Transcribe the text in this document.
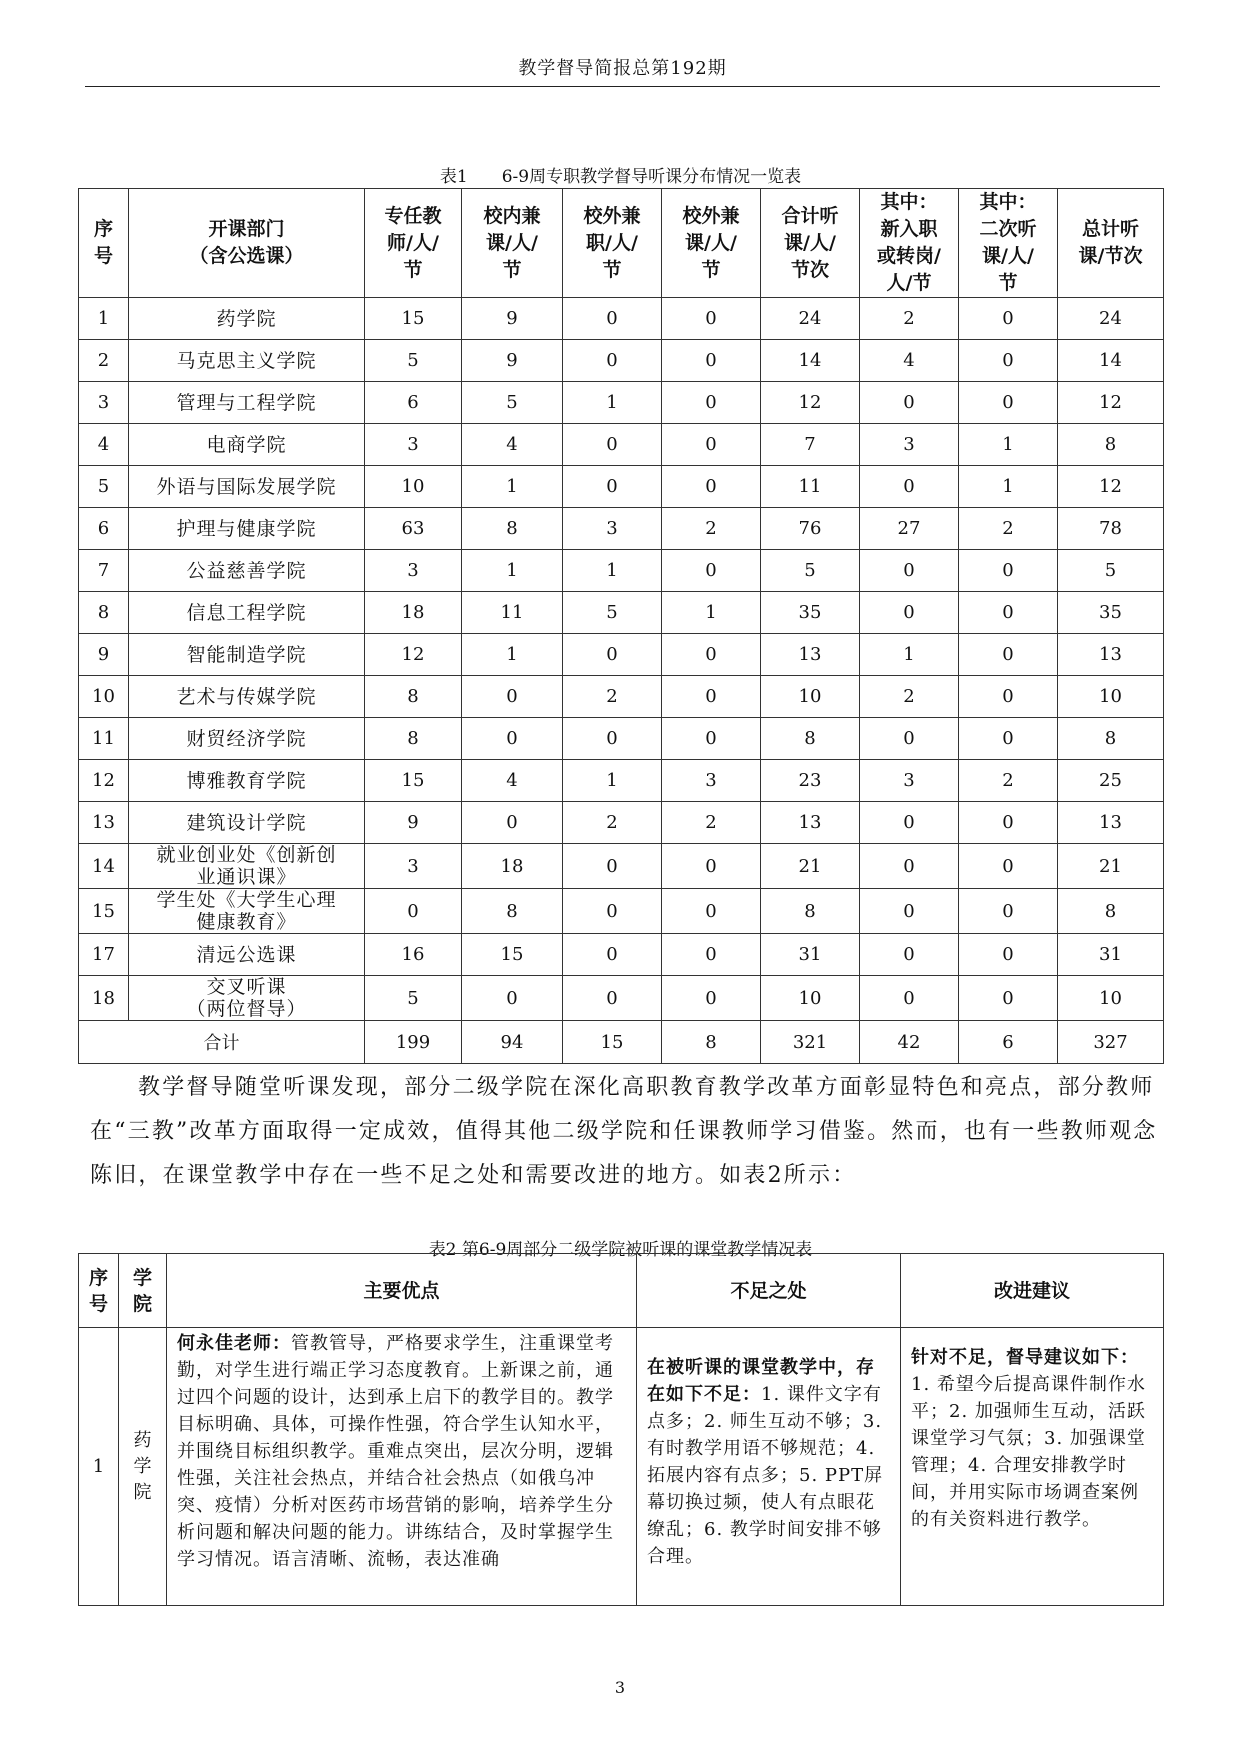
教学督导简报总第192期
表1　　6-9周专职教学督导听课分布情况一览表
序
号	开课部门
（含公选课）	专任教
师/人/
节	校内兼
课/人/
节	校外兼
职/人/
节	校外兼
课/人/
节	合计听
课/人/
节次	其中：
新入职
或转岗/
人/节	其中：
二次听
课/人/
节	总计听
课/节次
1	药学院	15	9	0	0	24	2	0	24
2	马克思主义学院	5	9	0	0	14	4	0	14
3	管理与工程学院	6	5	1	0	12	0	0	12
4	电商学院	3	4	0	0	7	3	1	8
5	外语与国际发展学院	10	1	0	0	11	0	1	12
6	护理与健康学院	63	8	3	2	76	27	2	78
7	公益慈善学院	3	1	1	0	5	0	0	5
8	信息工程学院	18	11	5	1	35	0	0	35
9	智能制造学院	12	1	0	0	13	1	0	13
10	艺术与传媒学院	8	0	2	0	10	2	0	10
11	财贸经济学院	8	0	0	0	8	0	0	8
12	博雅教育学院	15	4	1	3	23	3	2	25
13	建筑设计学院	9	0	2	2	13	0	0	13
14	就业创业处《创新创
业通识课》	3	18	0	0	21	0	0	21
15	学生处《大学生心理
健康教育》	0	8	0	0	8	0	0	8
17	清远公选课	16	15	0	0	31	0	0	31
18	交叉听课
（两位督导）	5	0	0	0	10	0	0	10
合计		199	94	15	8	321	42	6	327
教学督导随堂听课发现，部分二级学院在深化高职教育教学改革方面彰显特色和亮点，部分教师在“三教”改革方面取得一定成效，值得其他二级学院和任课教师学习借鉴。然而，也有一些教师观念陈旧，在课堂教学中存在一些不足之处和需要改进的地方。如表2所示：
表2 第6-9周部分二级学院被听课的课堂教学情况表
序
号	学
院	主要优点	不足之处	改进建议
1	药
学
院	何永佳老师：管教管导，严格要求学生，注重课堂考勤，对学生进行端正学习态度教育。上新课之前，通过四个问题的设计，达到承上启下的教学目的。教学目标明确、具体，可操作性强，符合学生认知水平，并围绕目标组织教学。重难点突出，层次分明，逻辑性强，关注社会热点，并结合社会热点（如俄乌冲突、疫情）分析对医药市场营销的影响，培养学生分析问题和解决问题的能力。讲练结合，及时掌握学生学习情况。语言清晰、流畅，表达准确	在被听课的课堂教学中，存在如下不足：1. 课件文字有点多；2. 师生互动不够；3. 有时教学用语不够规范；4. 拓展内容有点多；5. PPT屏幕切换过频，使人有点眼花缭乱；6. 教学时间安排不够合理。	针对不足，督导建议如下：1. 希望今后提高课件制作水平；2. 加强师生互动，活跃课堂学习气氛；3. 加强课堂管理；4. 合理安排教学时间，并用实际市场调查案例的有关资料进行教学。
3
